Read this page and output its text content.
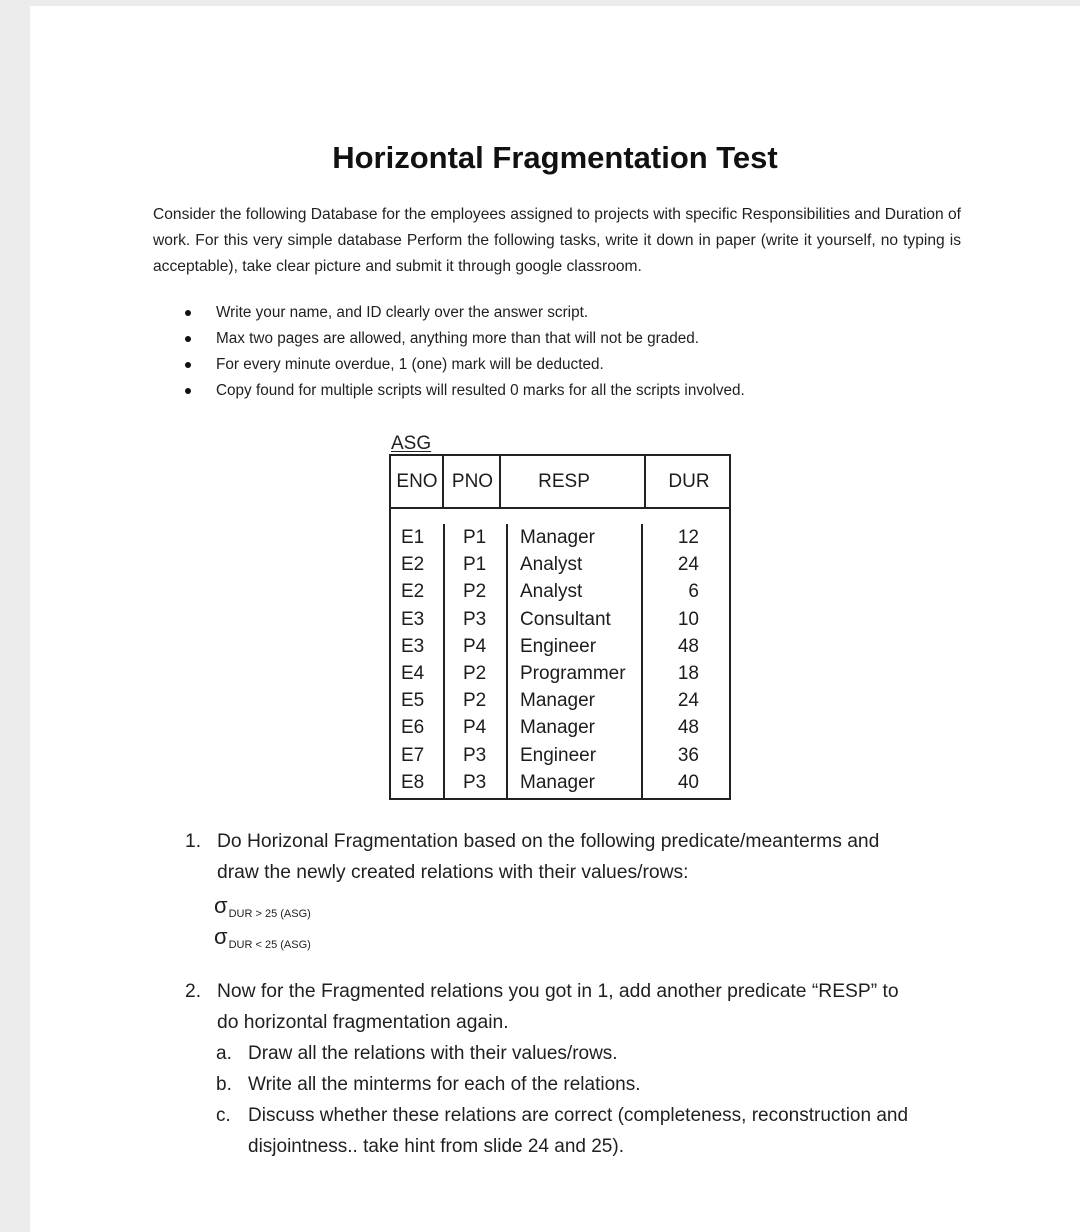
Horizontal Fragmentation Test
Consider the following Database for the employees assigned to projects with specific Responsibilities and Duration of work. For this very simple database Perform the following tasks, write it down in paper (write it yourself, no typing is acceptable), take clear picture and submit it through google classroom.
Write your name, and ID clearly over the answer script.
Max two pages are allowed, anything more than that will not be graded.
For every minute overdue, 1 (one) mark will be deducted.
Copy found for multiple scripts will resulted 0 marks for all the scripts involved.
ASG
ENO PNO	RESP	DUR
E1 P1 Manager	12
E2 P1 Analyst	24
E2 P2 Analyst	6
E3 P3 Consultant	10
E3 P4 Engineer	48
E4 P2 Programmer	18
E5 P2 Manager	24
E6 P4 Manager	48
E7 P3 Engineer	36
E8 P3 Manager	40
1. Do Horizonal Fragmentation based on the following predicate/meanterms and
draw the newly created relations with their values/rows:
σDUR > 25 (ASG)
σDUR < 25 (ASG)
2. Now for the Fragmented relations you got in 1, add another predicate “RESP” to
do horizontal fragmentation again.
a. Draw all the relations with their values/rows.
b. Write all the minterms for each of the relations.
c. Discuss whether these relations are correct (completeness, reconstruction and
disjointness.. take hint from slide 24 and 25).
